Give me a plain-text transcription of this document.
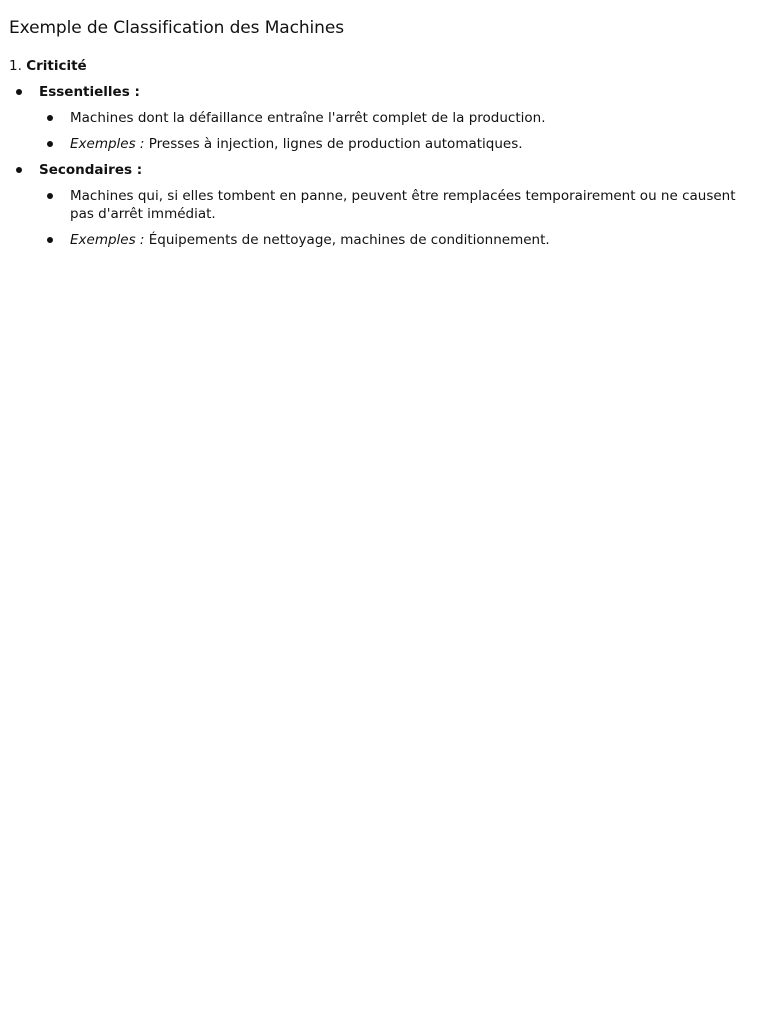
Exemple de Classification des Machines
1. Criticité
Essentielles :
Machines dont la défaillance entraîne l'arrêt complet de la production.
Exemples : Presses à injection, lignes de production automatiques.
Secondaires :
Machines qui, si elles tombent en panne, peuvent être remplacées temporairement ou ne causent pas d'arrêt immédiat.
Exemples : Équipements de nettoyage, machines de conditionnement.
